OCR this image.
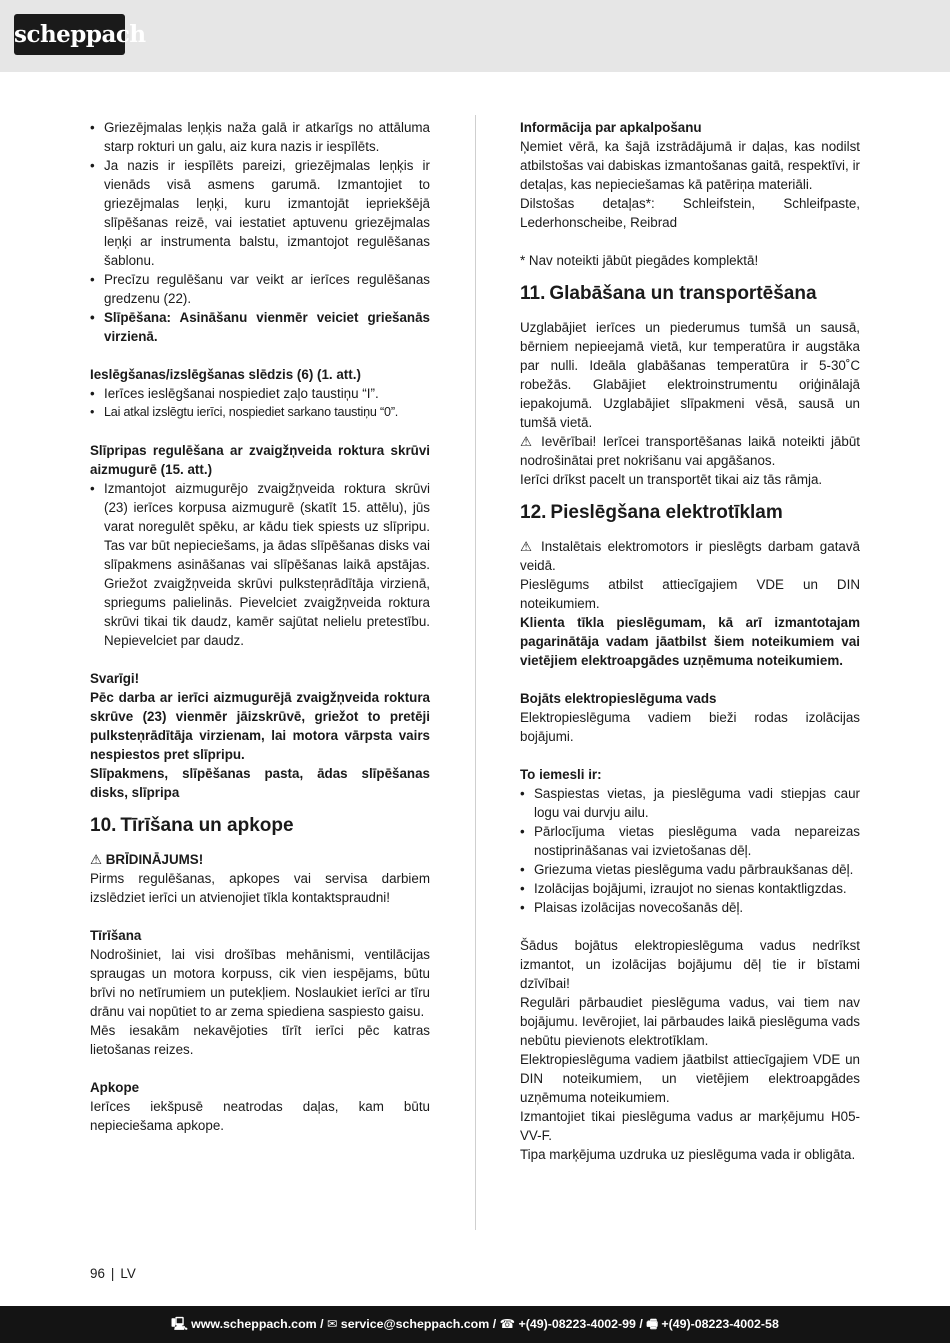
scheppach
• Griezējmalas leņķis naža galā ir atkarīgs no attāluma starp rokturi un galu, aiz kura nazis ir iespīlēts.
• Ja nazis ir iespīlēts pareizi, griezējmalas leņķis ir vienāds visā asmens garumā. Izmantojiet to griezējmalas leņķi, kuru izmantojāt iepriekšējā slīpēšanas reizē, vai iestatiet aptuvenu griezējmalas leņķi ar instrumenta balstu, izmantojot regulēšanas šablonu.
• Precīzu regulēšanu var veikt ar ierīces regulēšanas gredzenu (22).
• Slīpēšana: Asināšanu vienmēr veiciet griešanās virzienā.

Ieslēgšanas/izslēgšanas slēdzis (6) (1. att.)

• Ierīces ieslēgšanai nospiediet zaļo taustiņu “I”.
• Lai atkal izslēgtu ierīci, nospiediet sarkano taustiņu “0”.

Slīpripas regulēšana ar zvaigžņveida roktura skrūvi aizmugurē (15. att.)

• Izmantojot aizmugurējo zvaigžņveida roktura skrūvi (23) ierīces korpusa aizmugurē (skatīt 15. attēlu), jūs varat noregulēt spēku, ar kādu tiek spiests uz slīpripu. Tas var būt nepieciešams, ja ādas slīpēšanas disks vai slīpakmens asināšanas vai slīpēšanas laikā apstājas. Griežot zvaigžņveida skrūvi pulksteņrādītāja virzienā, spriegums palielinās. Pievelciet zvaigžņveida roktura skrūvi tikai tik daudz, kamēr sajūtat nelielu pretestību. Nepievelciet par daudz.

Svarīgi!

Pēc darba ar ierīci aizmugurējā zvaigžņveida roktura skrūve (23) vienmēr jāizskrūvē, griežot to pretēji pulksteņrādītāja virzienam, lai motora vārpsta vairs nespiestos pret slīpripu.

Slīpakmens, slīpēšanas pasta, ādas slīpēšanas disks, slīpripa

10. Tīrīšana un apkope

⚠ BRĪDINĀJUMS!

Pirms regulēšanas, apkopes vai servisa darbiem izslēdziet ierīci un atvienojiet tīkla kontaktspraudni!

Tīrīšana

Nodrošiniet, lai visi drošības mehānismi, ventilācijas spraugas un motora korpuss, cik vien iespējams, būtu brīvi no netīrumiem un putekļiem. Noslaukiet ierīci ar tīru drānu vai nopūtiet to ar zema spiediena saspiesto gaisu.

Mēs iesakām nekavējoties tīrīt ierīci pēc katras lietošanas reizes.

Apkope

Ierīces iekšpusē neatrodas daļas, kam būtu nepieciešama apkope.

Informācija par apkalpošanu

Ņemiet vērā, ka šajā izstrādājumā ir daļas, kas nodilst atbilstošas vai dabiskas izmantošanas gaitā, respektīvi, ir detaļas, kas nepieciešamas kā patēriņa materiāli.

Dilstošas detaļas*: Schleifstein, Schleifpaste, Lederhonscheibe, Reibrad

* Nav noteikti jābūt piegādes komplektā!

11. Glabāšana un transportēšana

Uzglabājiet ierīces un piederumus tumšā un sausā, bērniem nepieejamā vietā, kur temperatūra ir augstāka par nulli. Ideāla glabāšanas temperatūra ir 5-30˚C robežās. Glabājiet elektroinstrumentu oriģinālajā iepakojumā. Uzglabājiet slīpakmeni vēsā, sausā un tumšā vietā.

⚠ Ievērībai! Ierīcei transportēšanas laikā noteikti jābūt nodrošinātai pret nokrišanu vai apgāšanos.

Ierīci drīkst pacelt un transportēt tikai aiz tās rāmja.

12. Pieslēgšana elektrotīklam

⚠ Instalētais elektromotors ir pieslēgts darbam gatavā veidā.

Pieslēgums atbilst attiecīgajiem VDE un DIN noteikumiem.

Klienta tīkla pieslēgumam, kā arī izmantotajam pagarinātāja vadam jāatbilst šiem noteikumiem vai vietējiem elektroapgādes uzņēmuma noteikumiem.

Bojāts elektropieslēguma vads

Elektropieslēguma vadiem bieži rodas izolācijas bojājumi.

To iemesli ir:

• Saspiestas vietas, ja pieslēguma vadi stiepjas caur logu vai durvju ailu.
• Pārlocījuma vietas pieslēguma vada nepareizas nostiprināšanas vai izvietošanas dēļ.
• Griezuma vietas pieslēguma vadu pārbraukšanas dēļ.
• Izolācijas bojājumi, izraujot no sienas kontaktligzdas.
• Plaisas izolācijas novecošanās dēļ.

Šādus bojātus elektropieslēguma vadus nedrīkst izmantot, un izolācijas bojājumu dēļ tie ir bīstami dzīvībai!

Regulāri pārbaudiet pieslēguma vadus, vai tiem nav bojājumu. Ievērojiet, lai pārbaudes laikā pieslēguma vads nebūtu pievienots elektrotīklam.

Elektropieslēguma vadiem jāatbilst attiecīgajiem VDE un DIN noteikumiem, un vietējiem elektroapgādes uzņēmuma noteikumiem.

Izmantojiet tikai pieslēguma vadus ar marķējumu H05-VV-F.

Tipa marķējuma uzdruka uz pieslēguma vada ir obligāta.

96 | LV
🖳 www.scheppach.com / ✉ service@scheppach.com / ☎ +(49)-08223-4002-99 / 🖷 +(49)-08223-4002-58
